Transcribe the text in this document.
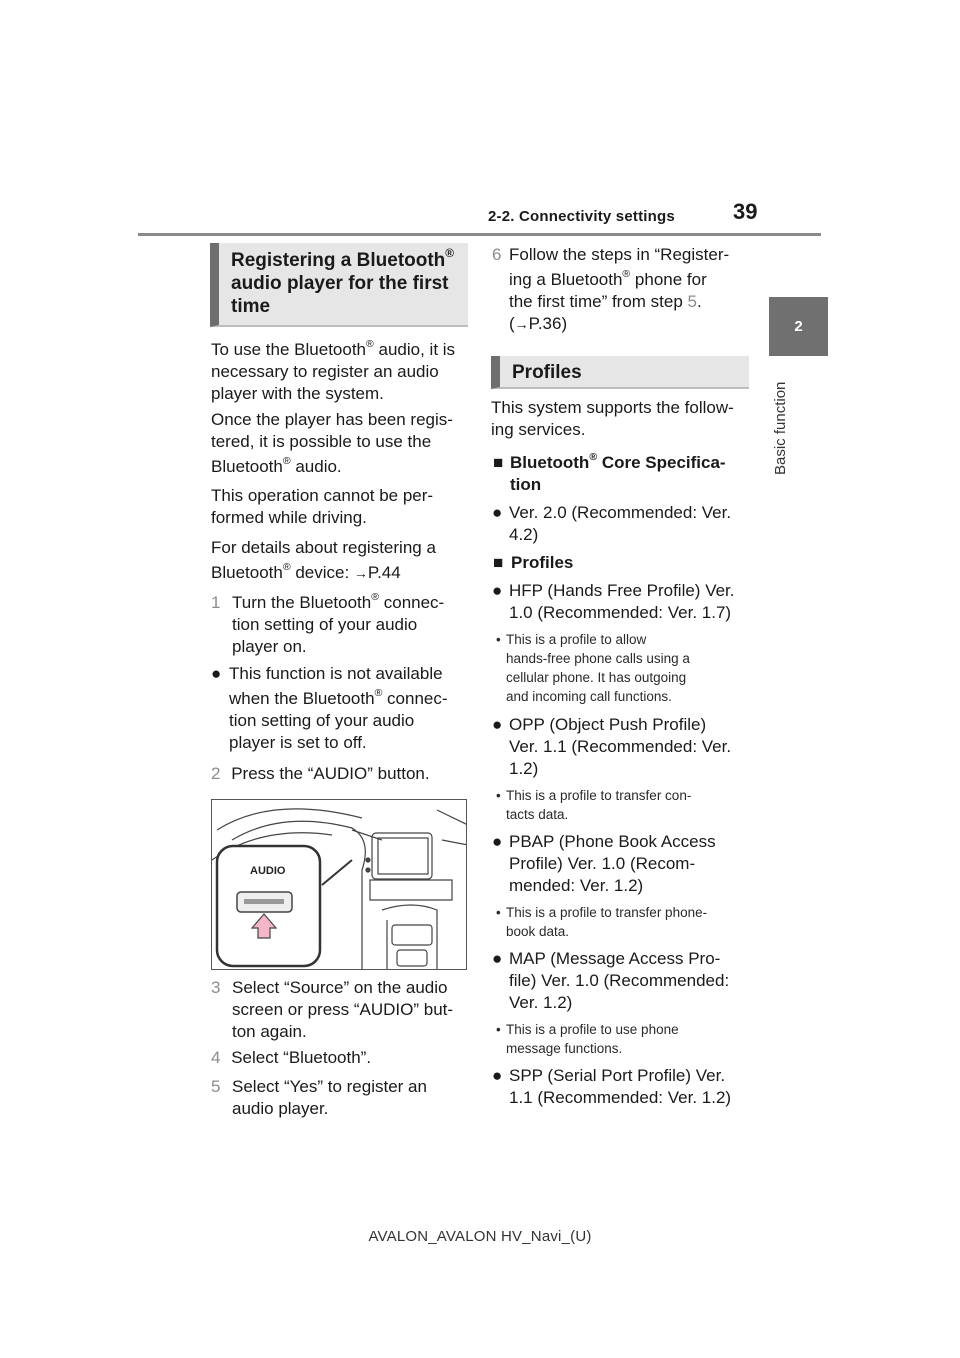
2-2. Connectivity settings	39
2
Basic function
Registering a Bluetooth®
audio player for the first
time
To use the Bluetooth® audio, it is
necessary to register an audio
player with the system.
Once the player has been regis-
tered, it is possible to use the
Bluetooth® audio.
This operation cannot be per-
formed while driving.
For details about registering a
Bluetooth® device: →P.44
1 Turn the Bluetooth® connec-
tion setting of your audio
player on.
● This function is not available
when the Bluetooth® connec-
tion setting of your audio
player is set to off.
2 Press the “AUDIO” button.
AUDIO
3 Select “Source” on the audio
screen or press “AUDIO” but-
ton again.
4 Select “Bluetooth”.
5 Select “Yes” to register an
audio player.
6 Follow the steps in “Register-
ing a Bluetooth® phone for
the first time” from step 5.
(→P.36)
Profiles
This system supports the follow-
ing services.
■ Bluetooth® Core Specifica-
tion
● Ver. 2.0 (Recommended: Ver.
4.2)
■ Profiles
● HFP (Hands Free Profile) Ver.
1.0 (Recommended: Ver. 1.7)
• This is a profile to allow
hands-free phone calls using a
cellular phone. It has outgoing
and incoming call functions.
● OPP (Object Push Profile)
Ver. 1.1 (Recommended: Ver.
1.2)
• This is a profile to transfer con-
tacts data.
● PBAP (Phone Book Access
Profile) Ver. 1.0 (Recom-
mended: Ver. 1.2)
• This is a profile to transfer phone-
book data.
● MAP (Message Access Pro-
file) Ver. 1.0 (Recommended:
Ver. 1.2)
• This is a profile to use phone
message functions.
● SPP (Serial Port Profile) Ver.
1.1 (Recommended: Ver. 1.2)
AVALON_AVALON HV_Navi_(U)
